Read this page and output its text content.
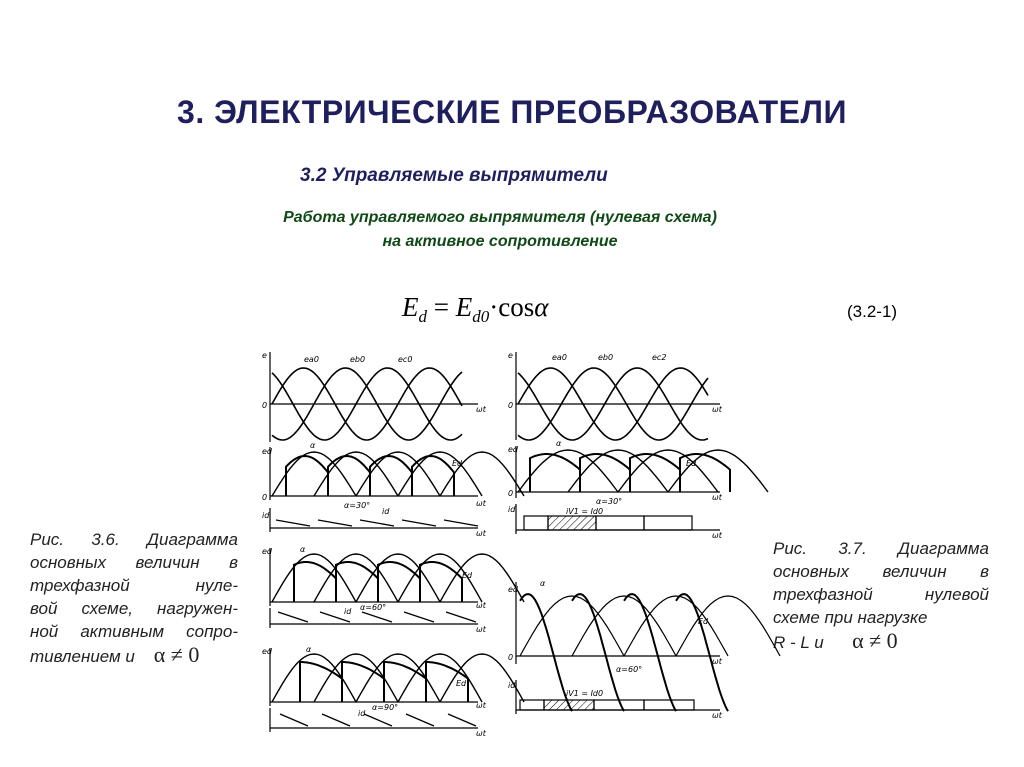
3. ЭЛЕКТРИЧЕСКИЕ ПРЕОБРАЗОВАТЕЛИ
3.2 Управляемые выпрямители
Работа управляемого выпрямителя (нулевая схема)
на активное сопротивление
$E_d = E_{d0}\cdot\cos\alpha$	(3.2-1)
Рис. 3.6. Диаграмма
основных величин в
трехфазной нуле-
вой схеме, нагружен-
ной активным сопро-
тивлением и α ≠ 0
Рис. 3.7. Диаграмма
основных величин в
трехфазной нулевой
схеме при нагрузке
R - L и α ≠ 0
e
0	ωt
eа0	eb0	ec0
ed
α
Ed
0
α=30°
id
ωt
id
ωt
ed	α
Ed
α=60°
id
ωt
ωt
ed	α
Ed
α=90°
id
ωt
ωt
e
0	ωt
ea0	eb0	ec2
ed
α
Ed
0
α=30°	ωt
id	iV1 = Id0
ωt
ed
α
Ed
0
α=60°
ωt
id
iV1 = Id0
ωt
